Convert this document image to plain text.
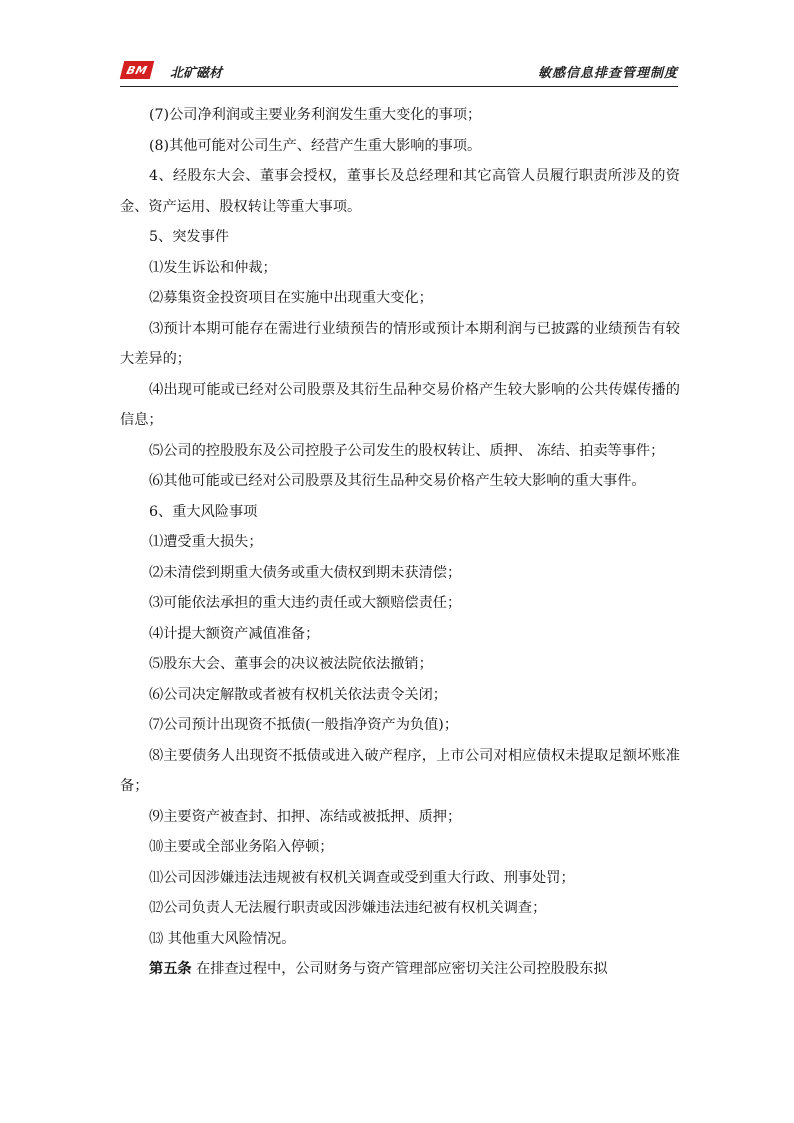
BM 北矿磁材	敏感信息排查管理制度

(7)公司净利润或主要业务利润发生重大变化的事项；

(8)其他可能对公司生产、经营产生重大影响的事项。

4、经股东大会、董事会授权，董事长及总经理和其它高管人员履行职责所涉及的资金、资产运用、股权转让等重大事项。

5、突发事件

⑴发生诉讼和仲裁；

⑵募集资金投资项目在实施中出现重大变化；

⑶预计本期可能存在需进行业绩预告的情形或预计本期利润与已披露的业绩预告有较大差异的；

⑷出现可能或已经对公司股票及其衍生品种交易价格产生较大影响的公共传媒传播的信息；

⑸公司的控股股东及公司控股子公司发生的股权转让、质押、 冻结、拍卖等事件；

⑹其他可能或已经对公司股票及其衍生品种交易价格产生较大影响的重大事件。

6、重大风险事项

⑴遭受重大损失；

⑵未清偿到期重大债务或重大债权到期未获清偿；

⑶可能依法承担的重大违约责任或大额赔偿责任；

⑷计提大额资产减值准备；

⑸股东大会、董事会的决议被法院依法撤销；

⑹公司决定解散或者被有权机关依法责令关闭；

⑺公司预计出现资不抵债(一般指净资产为负值)；

⑻主要债务人出现资不抵债或进入破产程序，上市公司对相应债权未提取足额坏账准备；

⑼主要资产被查封、扣押、冻结或被抵押、质押；

⑽主要或全部业务陷入停顿；

⑾公司因涉嫌违法违规被有权机关调查或受到重大行政、刑事处罚；

⑿公司负责人无法履行职责或因涉嫌违法违纪被有权机关调查；

⒀ 其他重大风险情况。

第五条 在排查过程中，公司财务与资产管理部应密切关注公司控股股东拟
